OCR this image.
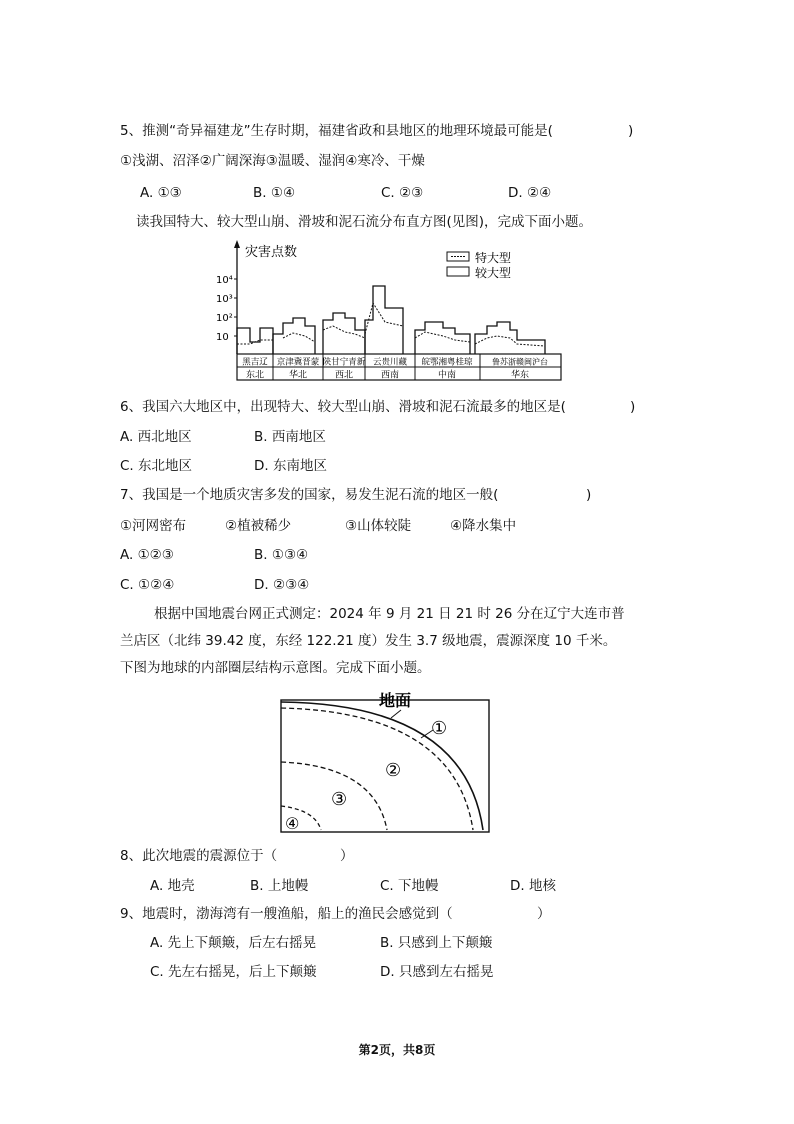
5、推测“奇异福建龙”生存时期，福建省政和县地区的地理环境最可能是(	)
①浅湖、沼泽②广阔深海③温暖、湿润④寒冷、干燥
A. ①③	B. ①④	C. ②③	D. ②④
读我国特大、较大型山崩、滑坡和泥石流分布直方图(见图)，完成下面小题。
灾害点数
10
10²
10³
10⁴
特大型
较大型
黑吉辽 京津冀晋蒙 陕甘宁青新 云贵川藏 皖鄂湘粤桂琼 鲁苏浙赣闽沪台
东北	华北	西北	西南	中南	华东
6、我国六大地区中，出现特大、较大型山崩、滑坡和泥石流最多的地区是(	)
A. 西北地区	B. 西南地区
C. 东北地区	D. 东南地区
7、我国是一个地质灾害多发的国家，易发生泥石流的地区一般(	)
①河网密布	②植被稀少	③山体较陡	④降水集中
A. ①②③	B. ①③④
C. ①②④	D. ②③④
根据中国地震台网正式测定：2024 年 9 月 21 日 21 时 26 分在辽宁大连市普
兰店区（北纬 39.42 度，东经 122.21 度）发生 3.7 级地震，震源深度 10 千米。
下图为地球的内部圈层结构示意图。完成下面小题。
地面
①
②
③
④
8、此次地震的震源位于（	）
A. 地壳	B. 上地幔	C. 下地幔	D. 地核
9、地震时，渤海湾有一艘渔船，船上的渔民会感觉到（	）
A. 先上下颠簸，后左右摇晃	B. 只感到上下颠簸
C. 先左右摇晃，后上下颠簸	D. 只感到左右摇晃
第2页，共8页
